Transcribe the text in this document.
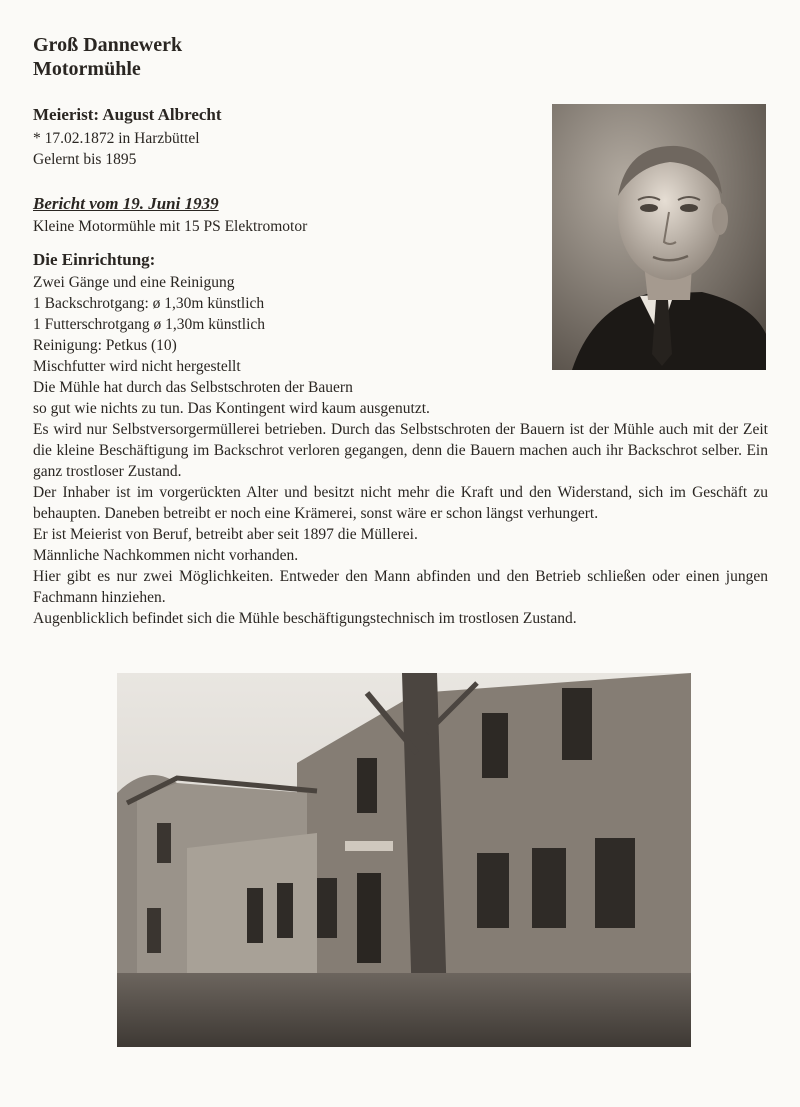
Groß Dannewerk
Motormühle
Meierist: August Albrecht
* 17.02.1872 in Harzbüttel
Gelernt bis 1895
Bericht vom 19. Juni 1939
Kleine Motormühle mit 15 PS Elektromotor
Die Einrichtung:
Zwei Gänge und eine Reinigung
1 Backschrotgang: ø 1,30m künstlich
1 Futterschrotgang ø 1,30m künstlich
Reinigung: Petkus (10)
Mischfutter wird nicht hergestellt
Die Mühle hat durch das Selbstschroten der Bauern
so gut wie nichts zu tun. Das Kontingent wird kaum ausgenutzt.
Es wird nur Selbstversorgermüllerei betrieben. Durch das Selbstschroten der Bauern ist der Mühle auch mit der Zeit die kleine Beschäftigung im Backschrot verloren gegangen, denn die Bauern machen auch ihr Backschrot selber. Ein ganz trostloser Zustand.
Der Inhaber ist im vorgerückten Alter und besitzt nicht mehr die Kraft und den Widerstand, sich im Geschäft zu behaupten. Daneben betreibt er noch eine Krämerei, sonst wäre er schon längst verhungert.
Er ist Meierist von Beruf, betreibt aber seit 1897 die Müllerei.
Männliche Nachkommen nicht vorhanden.
Hier gibt es nur zwei Möglichkeiten. Entweder den Mann abfinden und den Betrieb schließen oder einen jungen Fachmann hinziehen.
Augenblicklich befindet sich die Mühle beschäftigungstechnisch im trostlosen Zustand.
